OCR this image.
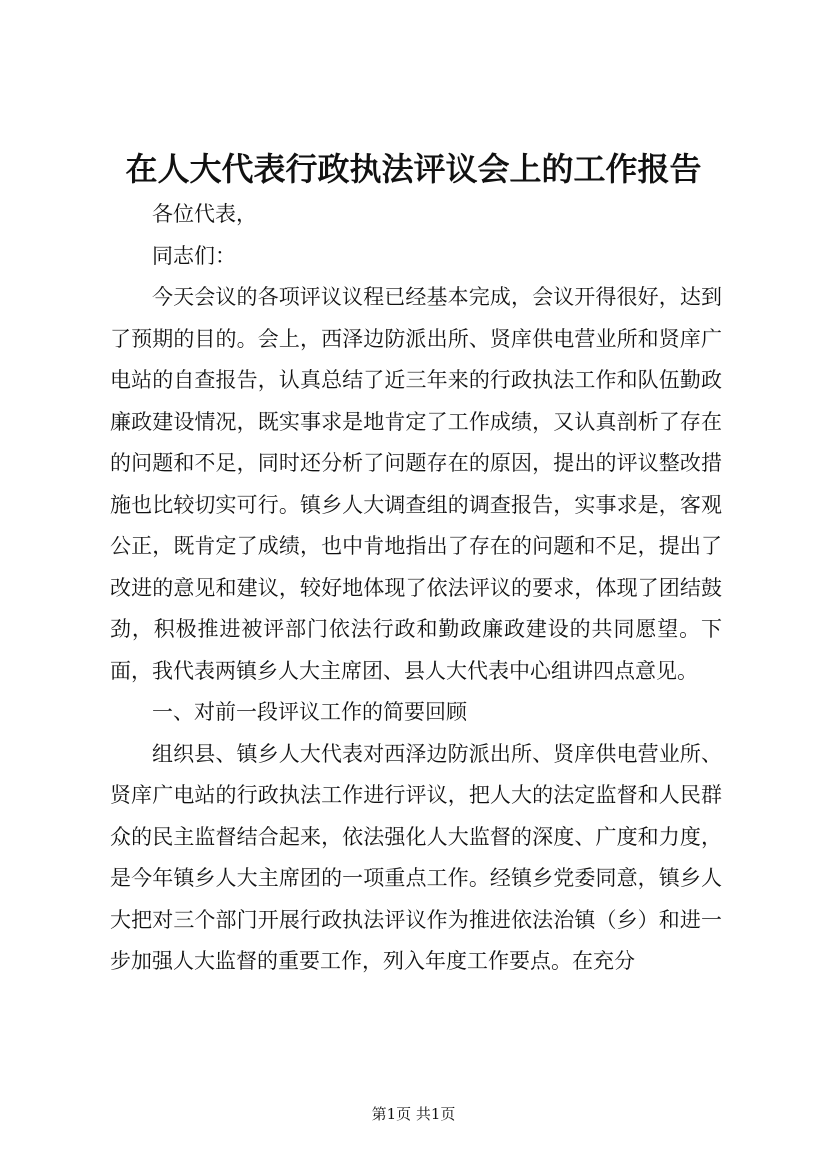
在人大代表行政执法评议会上的工作报告

各位代表，

同志们：

今天会议的各项评议议程已经基本完成，会议开得很好，达到了预期的目的。会上，西泽边防派出所、贤庠供电营业所和贤庠广电站的自查报告，认真总结了近三年来的行政执法工作和队伍勤政廉政建设情况，既实事求是地肯定了工作成绩，又认真剖析了存在的问题和不足，同时还分析了问题存在的原因，提出的评议整改措施也比较切实可行。镇乡人大调查组的调查报告，实事求是，客观公正，既肯定了成绩，也中肯地指出了存在的问题和不足，提出了改进的意见和建议，较好地体现了依法评议的要求，体现了团结鼓劲，积极推进被评部门依法行政和勤政廉政建设的共同愿望。下面，我代表两镇乡人大主席团、县人大代表中心组讲四点意见。

一、对前一段评议工作的简要回顾

组织县、镇乡人大代表对西泽边防派出所、贤庠供电营业所、贤庠广电站的行政执法工作进行评议，把人大的法定监督和人民群众的民主监督结合起来，依法强化人大监督的深度、广度和力度，是今年镇乡人大主席团的一项重点工作。经镇乡党委同意，镇乡人大把对三个部门开展行政执法评议作为推进依法治镇（乡）和进一步加强人大监督的重要工作，列入年度工作要点。在充分

第1页 共1页
